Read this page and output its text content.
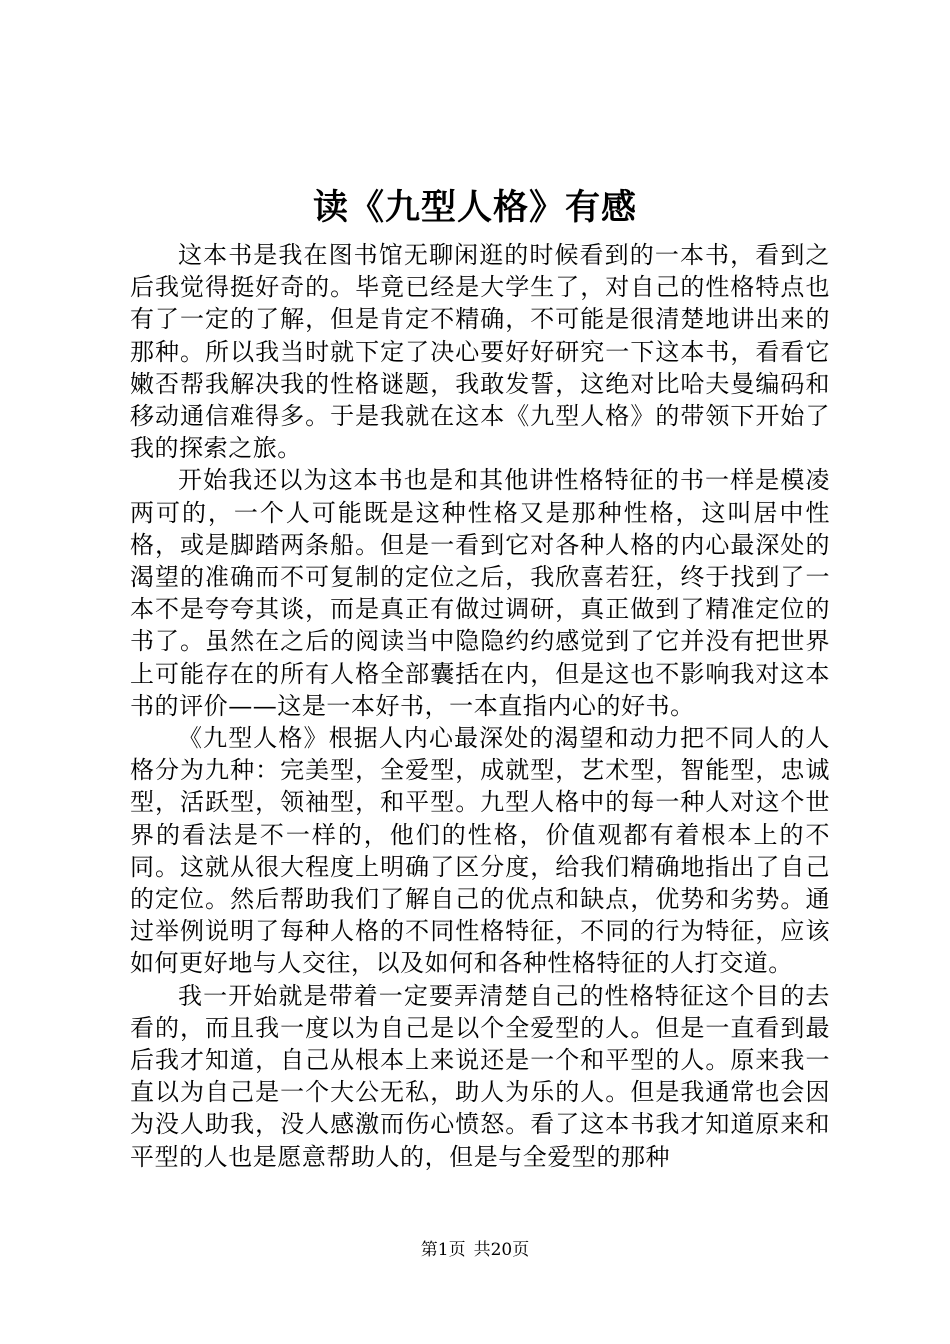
读《九型人格》有感

这本书是我在图书馆无聊闲逛的时候看到的一本书，看到之后我觉得挺好奇的。毕竟已经是大学生了，对自己的性格特点也有了一定的了解，但是肯定不精确，不可能是很清楚地讲出来的那种。所以我当时就下定了决心要好好研究一下这本书，看看它嫩否帮我解决我的性格谜题，我敢发誓，这绝对比哈夫曼编码和移动通信难得多。于是我就在这本《九型人格》的带领下开始了我的探索之旅。

开始我还以为这本书也是和其他讲性格特征的书一样是模凌两可的，一个人可能既是这种性格又是那种性格，这叫居中性格，或是脚踏两条船。但是一看到它对各种人格的内心最深处的渴望的准确而不可复制的定位之后，我欣喜若狂，终于找到了一本不是夸夸其谈，而是真正有做过调研，真正做到了精准定位的书了。虽然在之后的阅读当中隐隐约约感觉到了它并没有把世界上可能存在的所有人格全部囊括在内，但是这也不影响我对这本书的评价——这是一本好书，一本直指内心的好书。

《九型人格》根据人内心最深处的渴望和动力把不同人的人格分为九种：完美型，全爱型，成就型，艺术型，智能型，忠诚型，活跃型，领袖型，和平型。九型人格中的每一种人对这个世界的看法是不一样的，他们的性格，价值观都有着根本上的不同。这就从很大程度上明确了区分度，给我们精确地指出了自己的定位。然后帮助我们了解自己的优点和缺点，优势和劣势。通过举例说明了每种人格的不同性格特征，不同的行为特征，应该如何更好地与人交往，以及如何和各种性格特征的人打交道。

我一开始就是带着一定要弄清楚自己的性格特征这个目的去看的，而且我一度以为自己是以个全爱型的人。但是一直看到最后我才知道，自己从根本上来说还是一个和平型的人。原来我一直以为自己是一个大公无私，助人为乐的人。但是我通常也会因为没人助我，没人感激而伤心愤怒。看了这本书我才知道原来和平型的人也是愿意帮助人的，但是与全爱型的那种

第1页 共20页
